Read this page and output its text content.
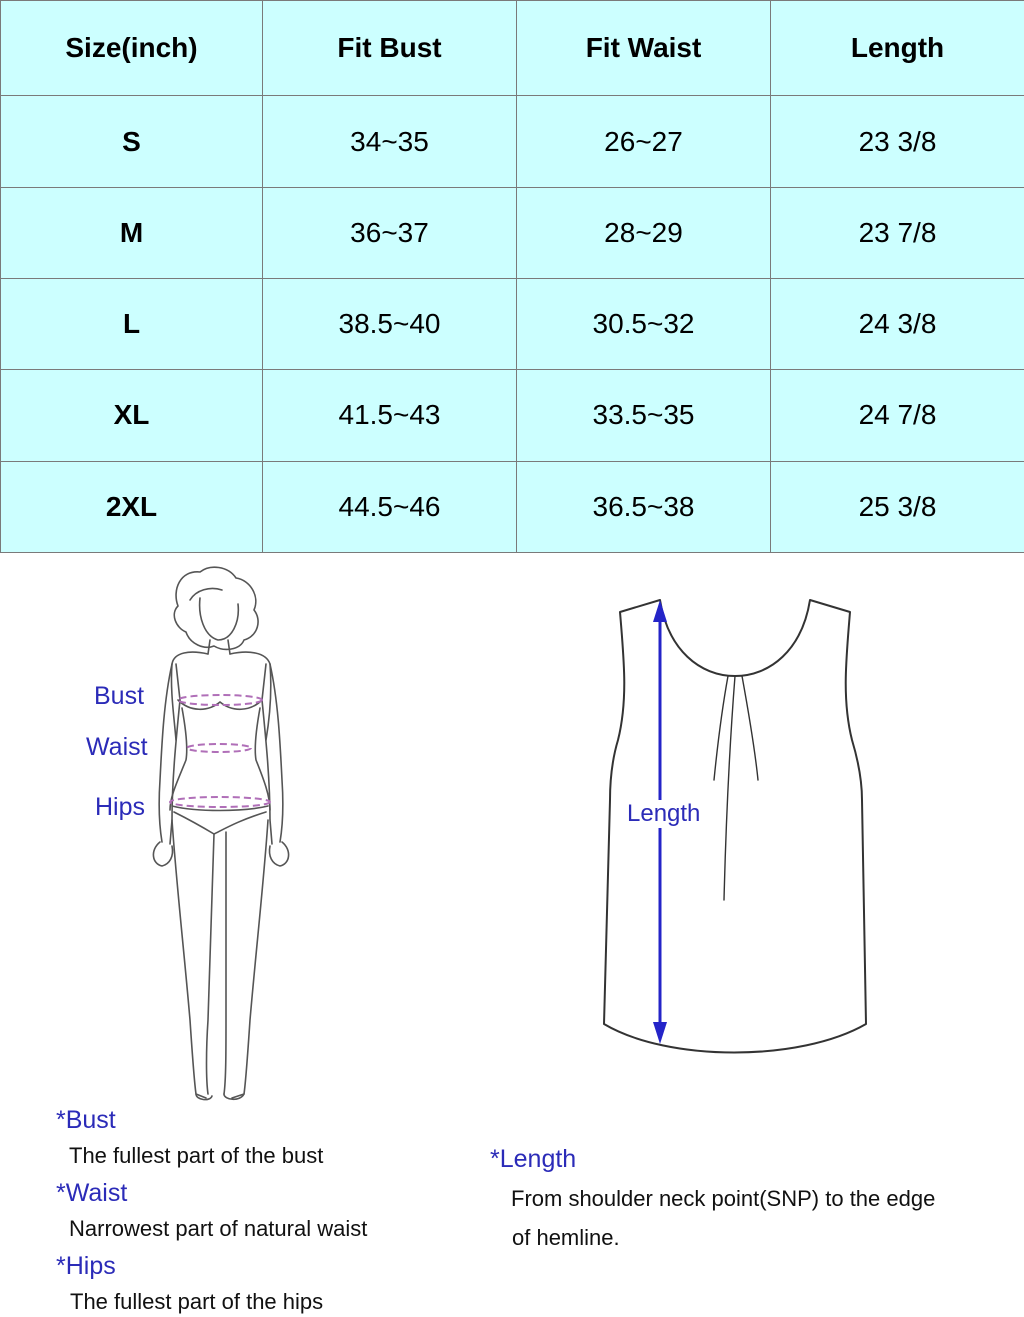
Size(inch)	Fit Bust	Fit Waist	Length
S	34~35	26~27	23 3/8
M	36~37	28~29	23 7/8
L	38.5~40	30.5~32	24 3/8
XL	41.5~43	33.5~35	24 7/8
2XL	44.5~46	36.5~38	25 3/8
Bust
Waist
Hips	Length
*Bust
The fullest part of the bust
*Waist
Narrowest part of natural waist
*Hips
The fullest part of the hips
*Length
From shoulder neck point(SNP) to the edge
of hemline.
